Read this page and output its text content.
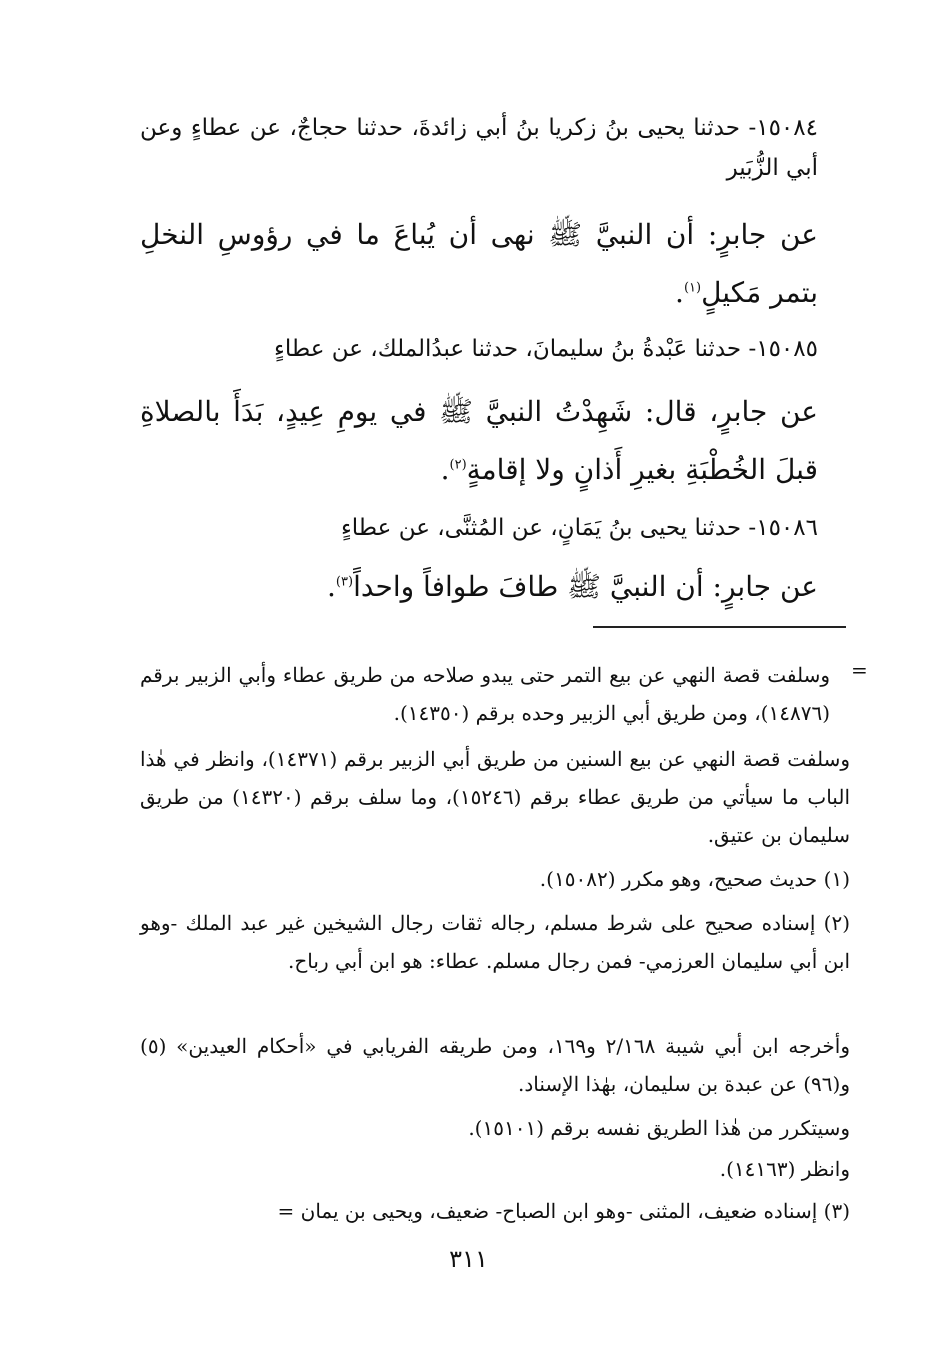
١٥٠٨٤- حدثنا يحيى بنُ زكريا بنُ أبي زائدةَ، حدثنا حجاجٌ، عن عطاءٍ وعن أبي الزُّبَير
عن جابرٍ: أن النبيَّ ﷺ نهى أن يُباعَ ما في رؤوسِ النخلِ بتمر مَكيلٍ$^{(١)}$.
١٥٠٨٥- حدثنا عَبْدةُ بنُ سليمانَ، حدثنا عبدُالملك، عن عطاءٍ
عن جابرٍ، قال: شَهِدْتُ النبيَّ ﷺ في يومِ عِيدٍ، بَدَأَ بالصلاةِ قبلَ الخُطْبَةِ بغيرِ أَذانٍ ولا إقامةٍ$^{(٢)}$.
١٥٠٨٦- حدثنا يحيى بنُ يَمَانٍ، عن المُثنَّى، عن عطاءٍ
عن جابرٍ: أن النبيَّ ﷺ طافَ طوافاً واحداً$^{(٣)}$.
=
وسلفت قصة النهي عن بيع التمر حتى يبدو صلاحه من طريق عطاء وأبي الزبير برقم (١٤٨٧٦)، ومن طريق أبي الزبير وحده برقم (١٤٣٥٠).
وسلفت قصة النهي عن بيع السنين من طريق أبي الزبير برقم (١٤٣٧١)، وانظر في هٰذا الباب ما سيأتي من طريق عطاء برقم (١٥٢٤٦)، وما سلف برقم (١٤٣٢٠) من طريق سليمان بن عتيق.
(١) حديث صحيح، وهو مكرر (١٥٠٨٢).
(٢) إسناده صحيح على شرط مسلم، رجاله ثقات رجال الشيخين غير عبد الملك -وهو ابن أبي سليمان العرزمي- فمن رجال مسلم. عطاء: هو ابن أبي رباح.
وأخرجه ابن أبي شيبة ٢/١٦٨ و١٦٩، ومن طريقه الفريابي في «أحكام العيدين» (٥) و(٩٦) عن عبدة بن سليمان، بهٰذا الإسناد.
وسيتكرر من هٰذا الطريق نفسه برقم (١٥١٠١).
وانظر (١٤١٦٣).
(٣) إسناده ضعيف، المثنى -وهو ابن الصباح- ضعيف، ويحيى بن يمان =
٣١١
